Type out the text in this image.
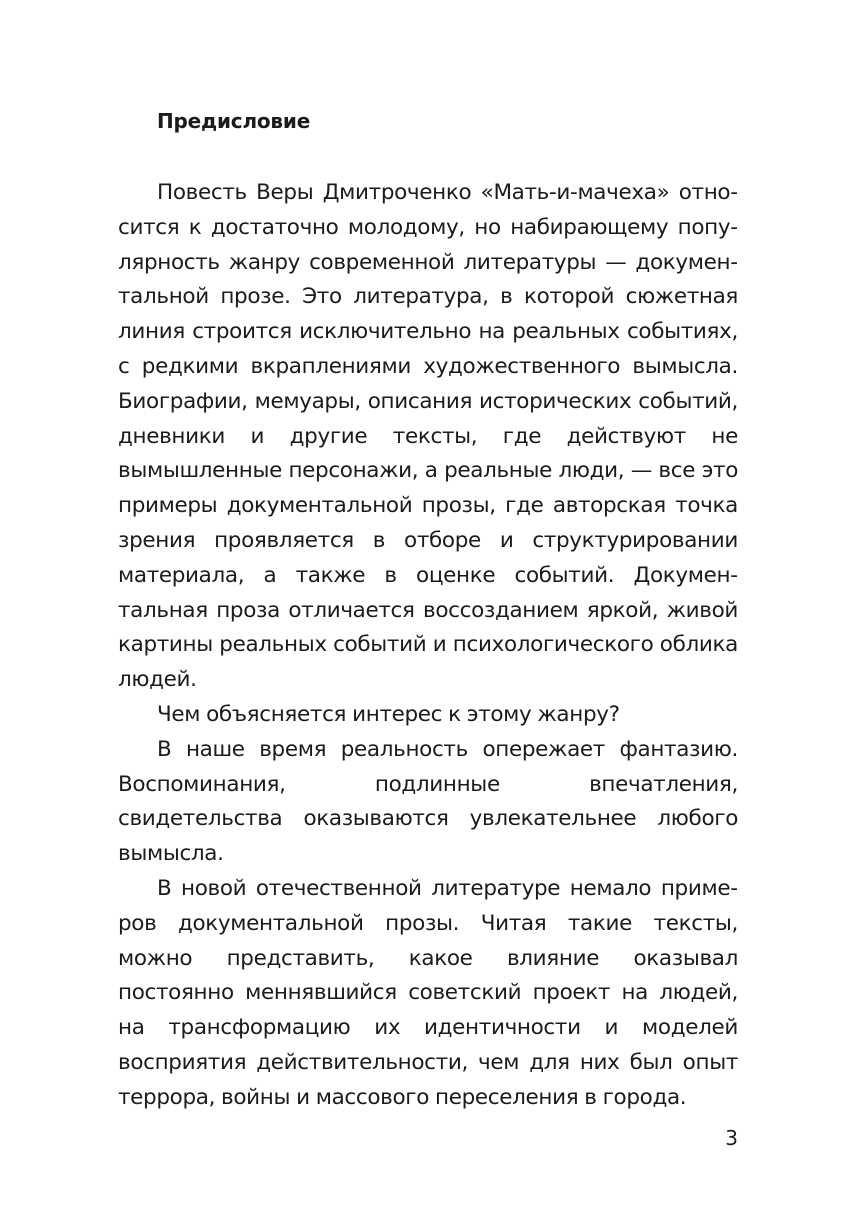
Предисловие

Повесть Веры Дмитроченко «Мать-и-мачеха» относится к достаточно молодому, но набирающему популярность жанру современной литературы — документальной прозе. Это литература, в которой сюжетная линия строится исключительно на реальных событиях, с редкими вкраплениями художественного вымысла. Биографии, мемуары, описания исторических событий, дневники и другие тексты, где действуют не вымышленные персонажи, а реальные люди, — все это примеры документальной прозы, где авторская точка зрения проявляется в отборе и структурировании материала, а также в оценке событий. Документальная проза отличается воссозданием яркой, живой картины реальных событий и психологического облика людей.

Чем объясняется интерес к этому жанру?

В наше время реальность опережает фантазию. Воспоминания, подлинные впечатления, свидетельства оказываются увлекательнее любого вымысла.

В новой отечественной литературе немало примеров документальной прозы. Читая такие тексты, можно представить, какое влияние оказывал постоянно меннявшийся советский проект на людей, на трансформацию их идентичности и моделей восприятия действительности, чем для них был опыт террора, войны и массового переселения в города.

3
